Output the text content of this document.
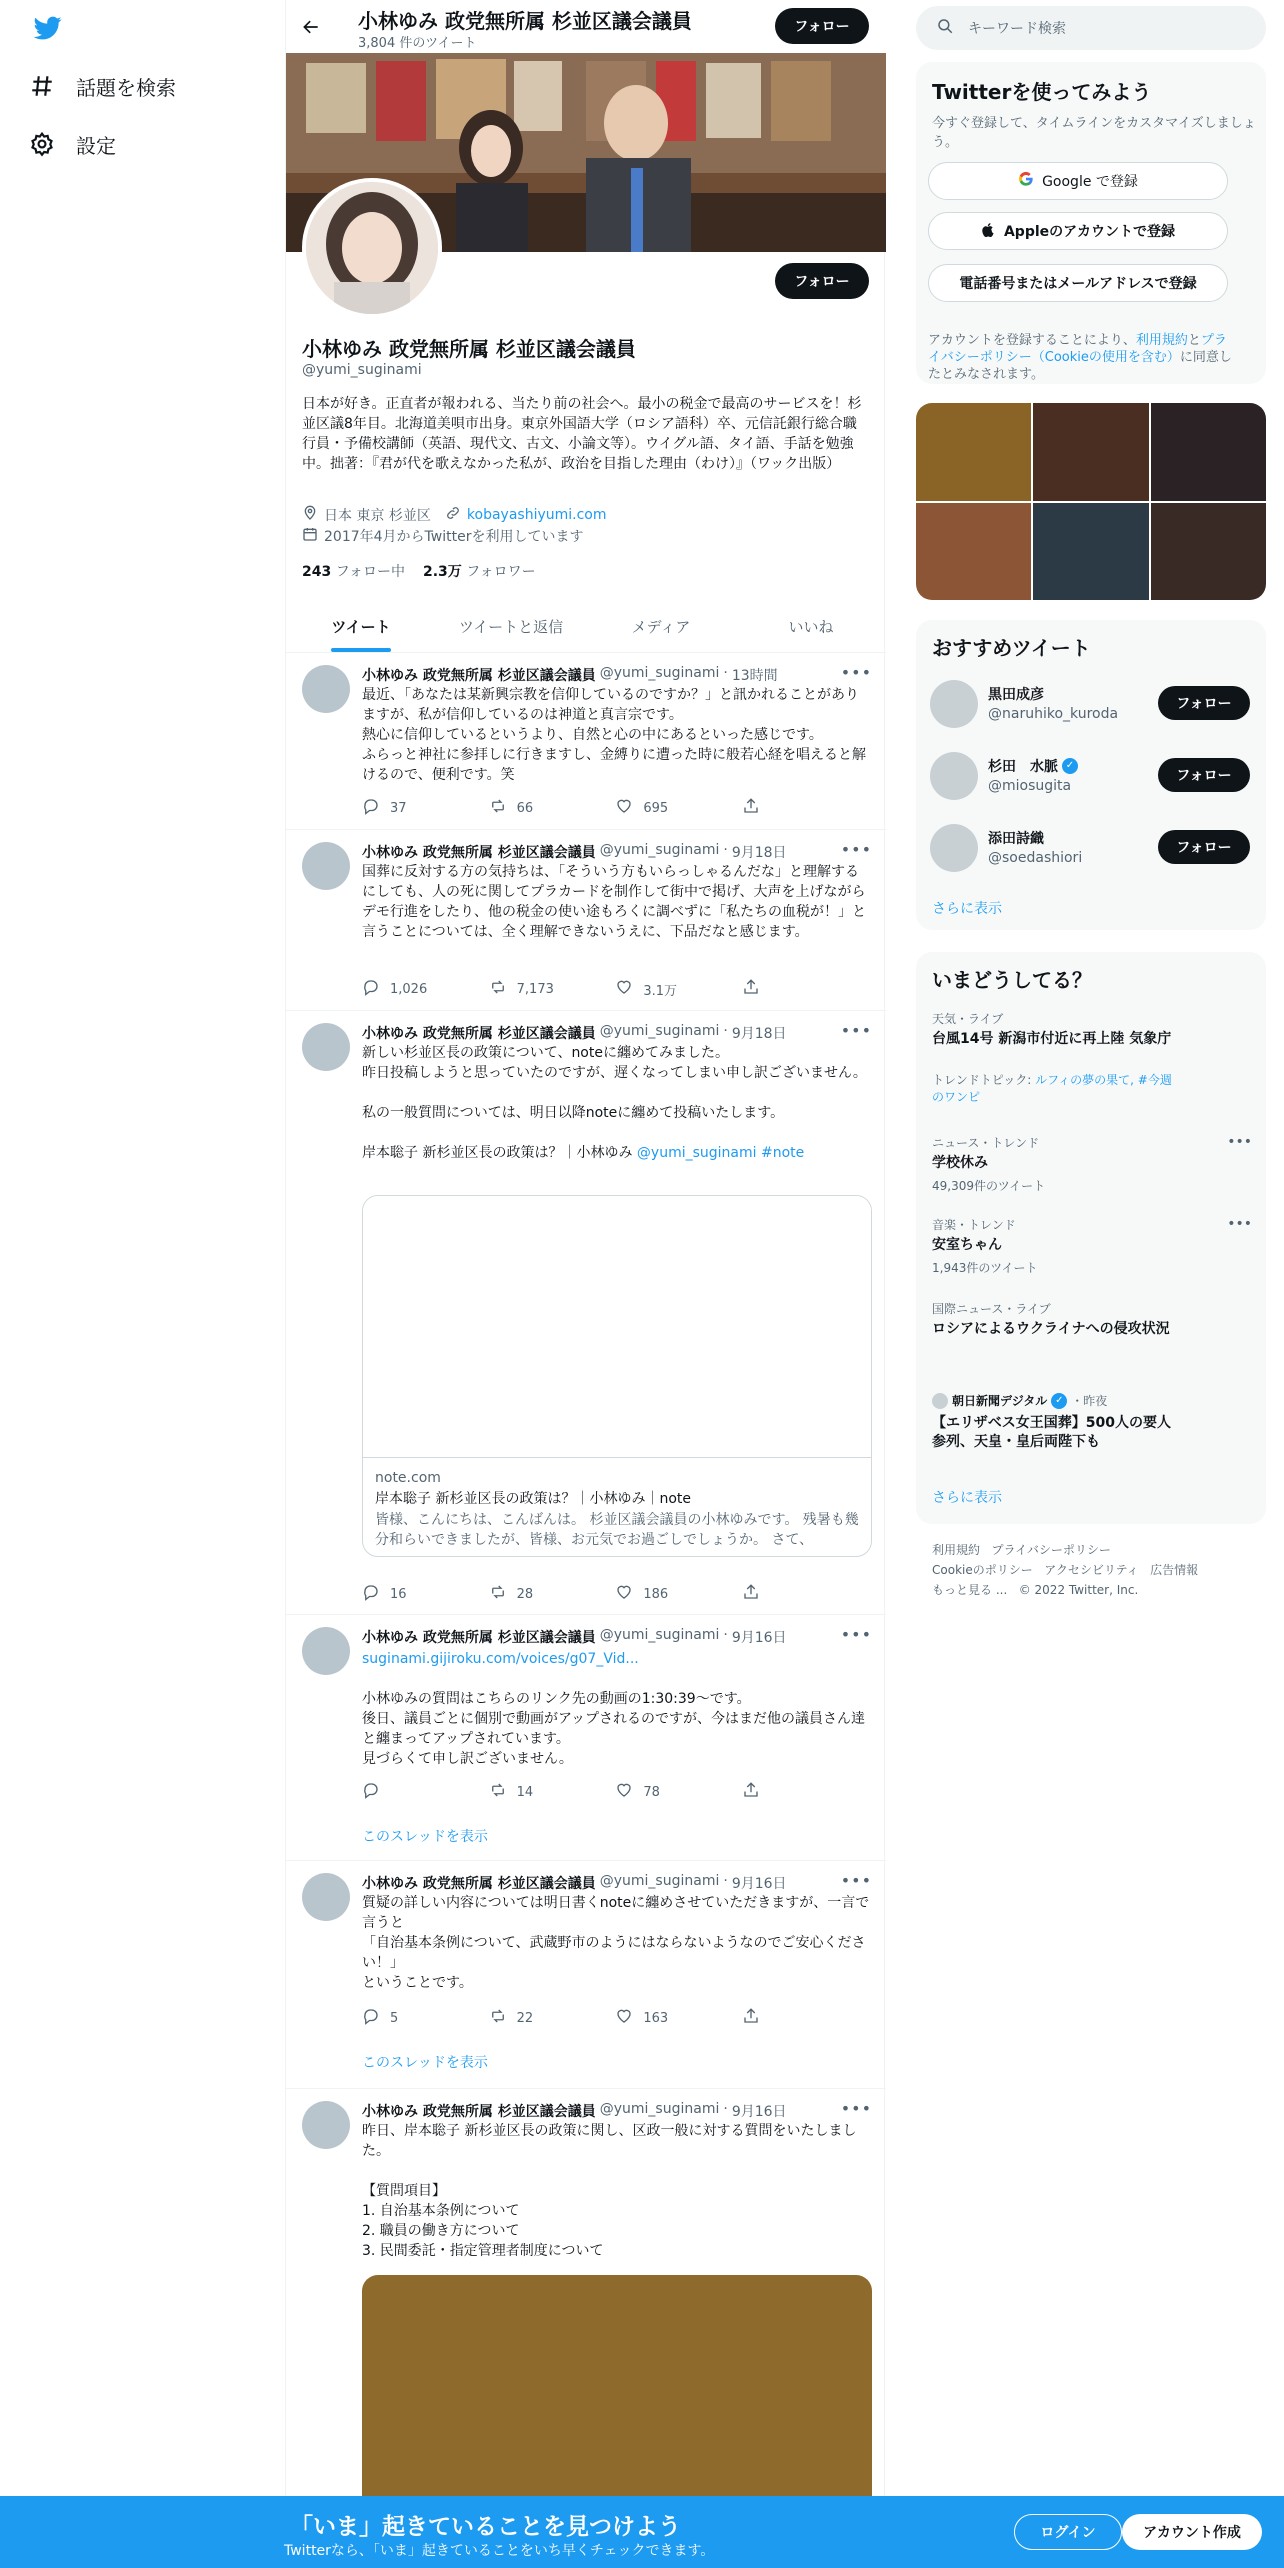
話題を検索
設定
小林ゆみ 政党無所属 杉並区議会議員
3,804 件のツイート
フォロー
フォロー
小林ゆみ 政党無所属 杉並区議会議員
@yumi_suginami
日本が好き。正直者が報われる、当たり前の社会へ。最小の税金で最高のサービスを！杉並区議8年目。北海道美唄市出身。東京外国語大学（ロシア語科）卒、元信託銀行総合職行員・予備校講師（英語、現代文、古文、小論文等）。ウイグル語、タイ語、手話を勉強中。拙著：『君が代を歌えなかった私が、政治を目指した理由（わけ）』（ワック出版）
日本 東京 杉並区	kobayashiyumi.com
2017年4月からTwitterを利用しています
243 フォロー中 2.3万 フォロワー
ツイート	ツイートと返信	メディア	いいね
小林ゆみ 政党無所属 杉並区議会議員 @yumi_suginami · 13時間	•••
最近、「あなたは某新興宗教を信仰しているのですか？」と訊かれることがありますが、私が信仰しているのは神道と真言宗です。
熱心に信仰しているというより、自然と心の中にあるといった感じです。
ふらっと神社に参拝しに行きますし、金縛りに遭った時に般若心経を唱えると解けるので、便利です。笑
37	66	695
小林ゆみ 政党無所属 杉並区議会議員 @yumi_suginami · 9月18日	•••
国葬に反対する方の気持ちは、「そういう方もいらっしゃるんだな」と理解するにしても、人の死に関してプラカードを制作して街中で掲げ、大声を上げながらデモ行進をしたり、他の税金の使い途もろくに調べずに「私たちの血税が！」と言うことについては、全く理解できないうえに、下品だなと感じます。
1,026	7,173	3.1万
小林ゆみ 政党無所属 杉並区議会議員 @yumi_suginami · 9月18日	•••
新しい杉並区長の政策について、noteに纏めてみました。
昨日投稿しようと思っていたのですが、遅くなってしまい申し訳ございません。

私の一般質問については、明日以降noteに纏めて投稿いたします。

岸本聡子 新杉並区長の政策は？｜小林ゆみ @yumi_suginami #note
note.com
岸本聡子 新杉並区長の政策は？｜小林ゆみ｜note
皆様、こんにちは、こんばんは。 杉並区議会議員の小林ゆみです。 残暑も幾分和らいできましたが、皆様、お元気でお過ごしでしょうか。 さて、
16	28	186
小林ゆみ 政党無所属 杉並区議会議員 @yumi_suginami · 9月16日	•••
suginami.gijiroku.com/voices/g07_Vid...
小林ゆみの質問はこちらのリンク先の動画の1:30:39〜です。
後日、議員ごとに個別で動画がアップされるのですが、今はまだ他の議員さん達と纏まってアップされています。
見づらくて申し訳ございません。
14	78
このスレッドを表示
小林ゆみ 政党無所属 杉並区議会議員 @yumi_suginami · 9月16日	•••
質疑の詳しい内容については明日書くnoteに纏めさせていただきますが、一言で言うと
「自治基本条例について、武蔵野市のようにはならないようなのでご安心ください！」
ということです。
5	22	163
このスレッドを表示
小林ゆみ 政党無所属 杉並区議会議員 @yumi_suginami · 9月16日	•••
昨日、岸本聡子 新杉並区長の政策に関し、区政一般に対する質問をいたしました。

【質問項目】
1. 自治基本条例について
2. 職員の働き方について
3. 民間委託・指定管理者制度について
キーワード検索
Twitterを使ってみよう
今すぐ登録して、タイムラインをカスタマイズしましょう。
Google で登録
Appleのアカウントで登録
電話番号またはメールアドレスで登録
アカウントを登録することにより、利用規約とプライバシーポリシー（Cookieの使用を含む）に同意したとみなされます。
おすすめツイート
黒田成彦
@naruhiko_kuroda
フォロー
杉田　水脈 ✓
@miosugita
フォロー
添田詩織
@soedashiori
フォロー
さらに表示
いまどうしてる？
天気・ライブ
台風14号 新潟市付近に再上陸 気象庁
トレンドトピック: ルフィの夢の果て, #今週のワンピ
ニュース・トレンド
学校休み
49,309件のツイート
•••
音楽・トレンド
安室ちゃん
1,943件のツイート
•••
国際ニュース・ライブ
ロシアによるウクライナへの侵攻状況
朝日新聞デジタル ✓ ・昨夜
【エリザベス女王国葬】500人の要人参列、天皇・皇后両陛下も
さらに表示
利用規約 プライバシーポリシー
Cookieのポリシー アクセシビリティ 広告情報
もっと見る ... © 2022 Twitter, Inc.
「いま」起きていることを見つけよう
Twitterなら、「いま」起きていることをいち早くチェックできます。
ログイン	アカウント作成
